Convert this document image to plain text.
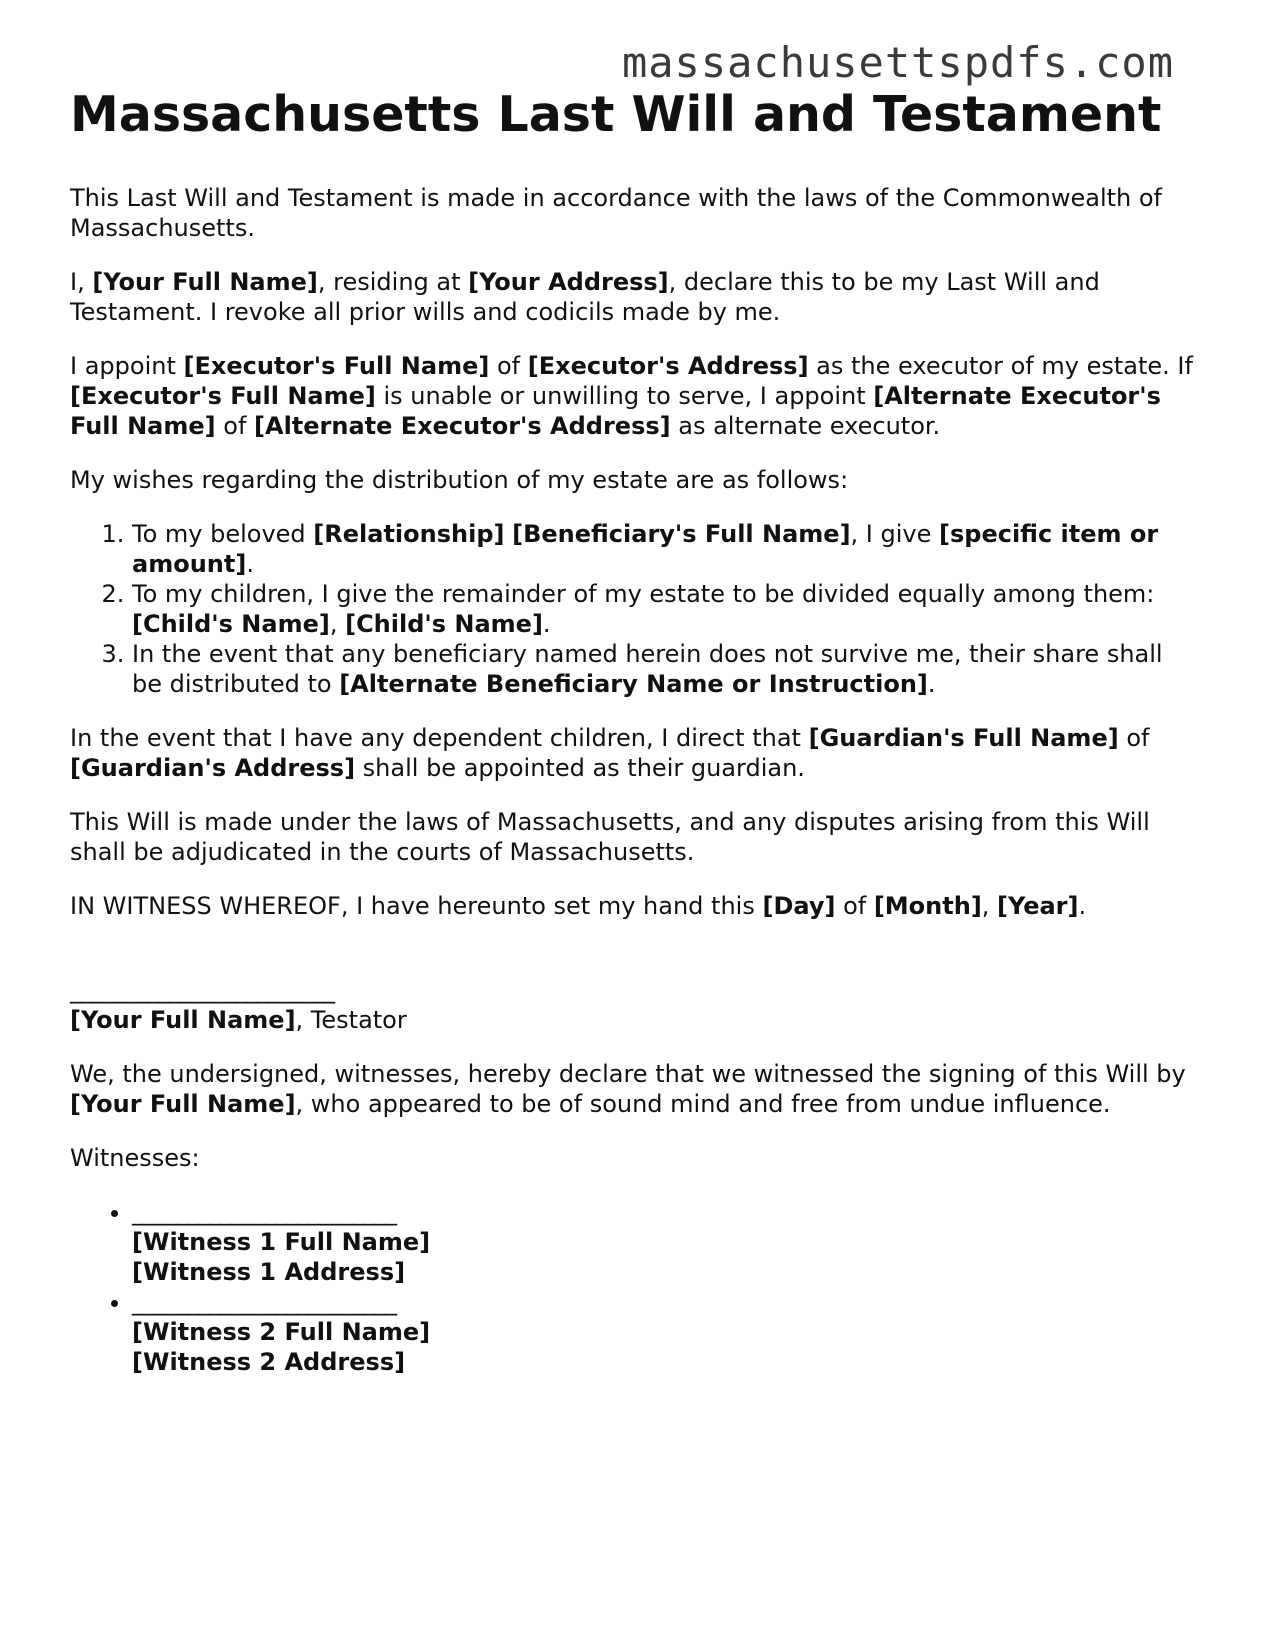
massachusettspdfs.com
Massachusetts Last Will and Testament

This Last Will and Testament is made in accordance with the laws of the Commonwealth of Massachusetts.

I, [Your Full Name], residing at [Your Address], declare this to be my Last Will and Testament. I revoke all prior wills and codicils made by me.

I appoint [Executor's Full Name] of [Executor's Address] as the executor of my estate. If [Executor's Full Name] is unable or unwilling to serve, I appoint [Alternate Executor's Full Name] of [Alternate Executor's Address] as alternate executor.

My wishes regarding the distribution of my estate are as follows:

1. To my beloved [Relationship] [Beneficiary's Full Name], I give [specific item or amount].
2. To my children, I give the remainder of my estate to be divided equally among them: [Child's Name], [Child's Name].
3. In the event that any beneficiary named herein does not survive me, their share shall be distributed to [Alternate Beneficiary Name or Instruction].

In the event that I have any dependent children, I direct that [Guardian's Full Name] of [Guardian's Address] shall be appointed as their guardian.

This Will is made under the laws of Massachusetts, and any disputes arising from this Will shall be adjudicated in the courts of Massachusetts.

IN WITNESS WHEREOF, I have hereunto set my hand this [Day] of [Month], [Year].

________________________

[Your Full Name], Testator

We, the undersigned, witnesses, hereby declare that we witnessed the signing of this Will by [Your Full Name], who appeared to be of sound mind and free from undue influence.

Witnesses:

• ________________________
[Witness 1 Full Name]
[Witness 1 Address]
• ________________________
[Witness 2 Full Name]
[Witness 2 Address]
